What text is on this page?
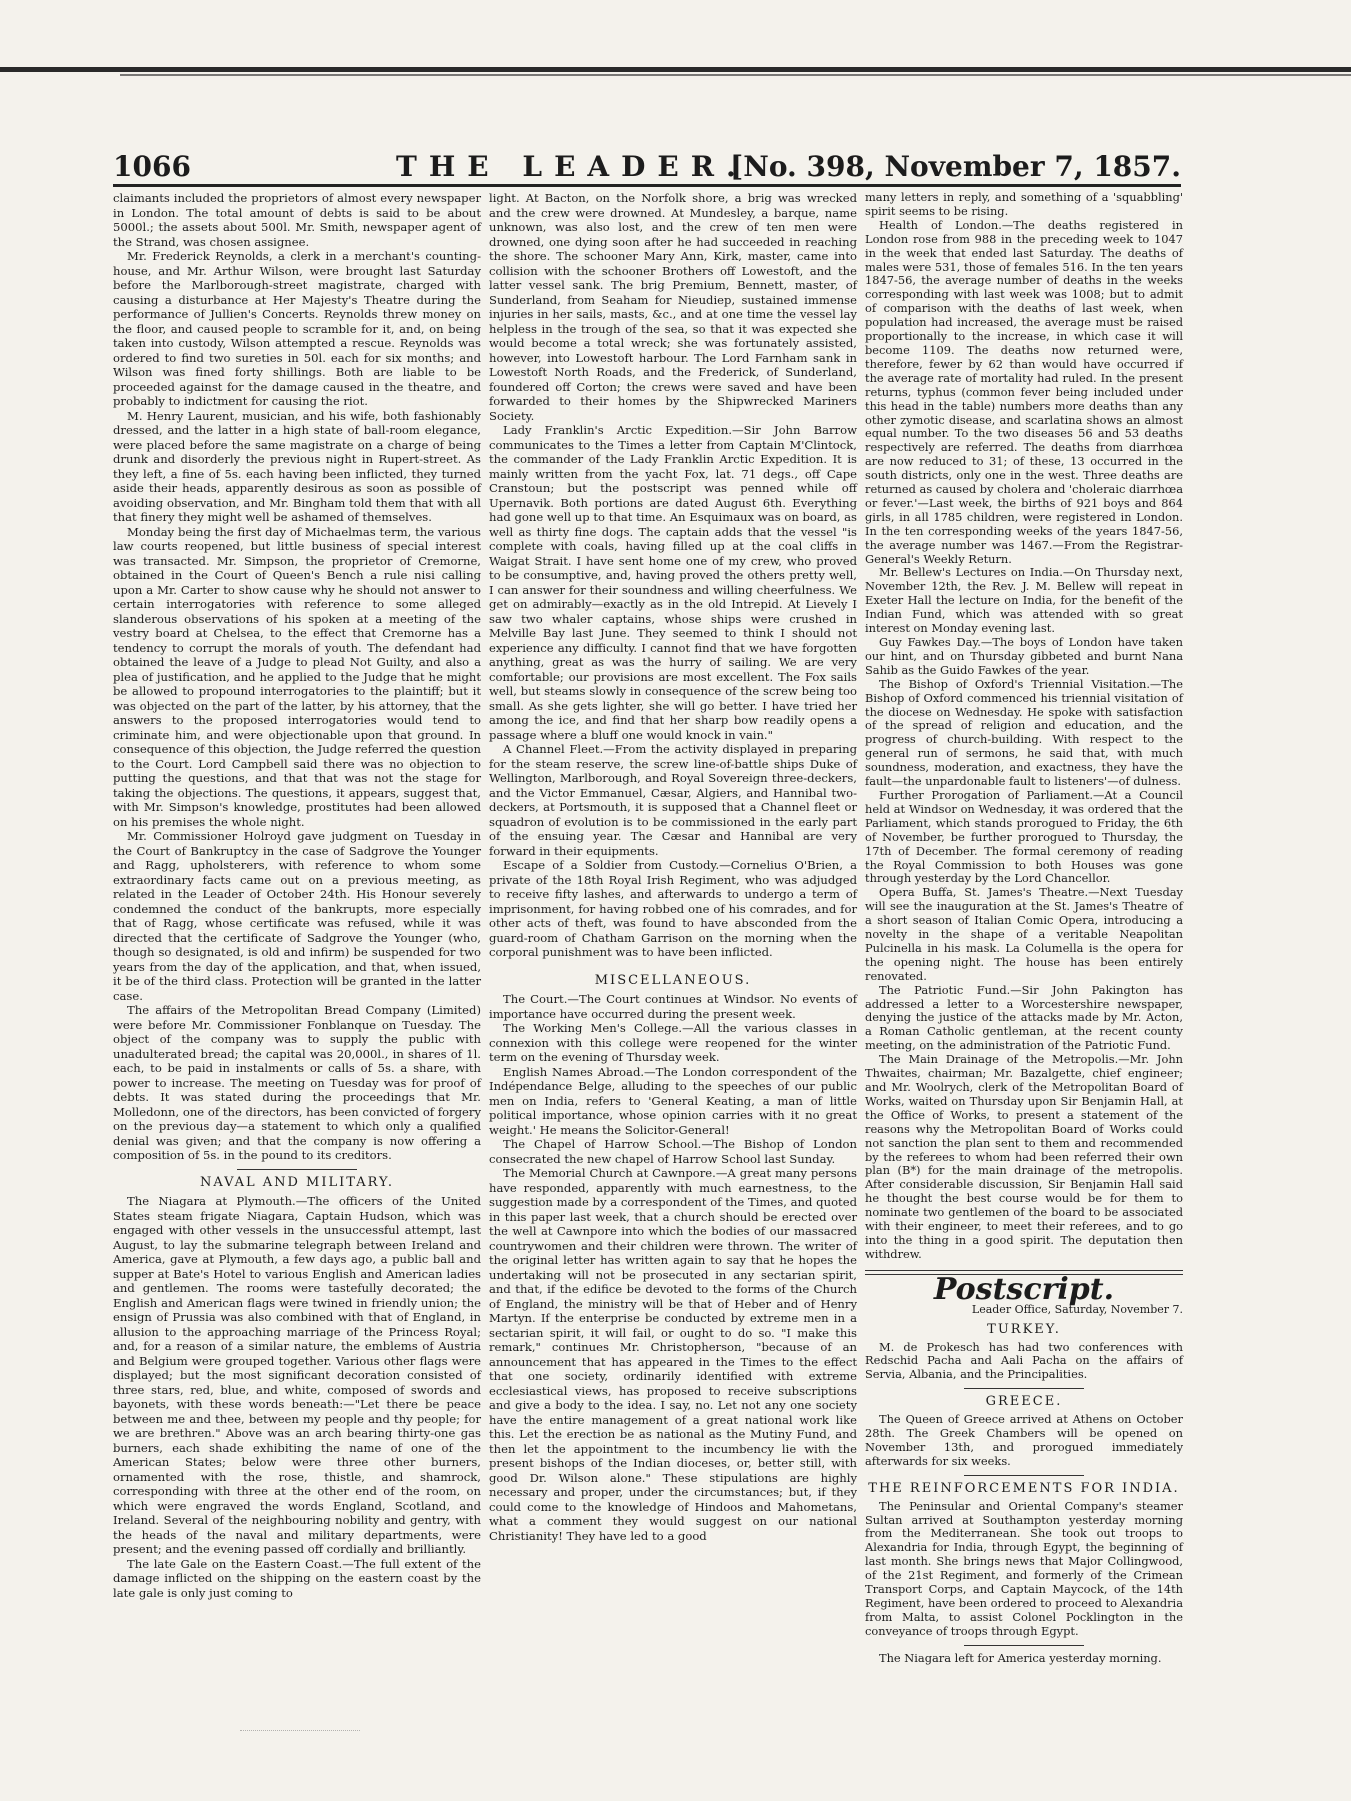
1066	THE LEADER.
[No. 398, November 7, 1857.

claimants included the proprietors of almost every newspaper in London. The total amount of debts is said to be about 5000l.; the assets about 500l. Mr. Smith, newspaper agent of the Strand, was chosen assignee.

Mr. Frederick Reynolds, a clerk in a merchant's counting-house, and Mr. Arthur Wilson, were brought last Saturday before the Marlborough-street magistrate, charged with causing a disturbance at Her Majesty's Theatre during the performance of Jullien's Concerts. Reynolds threw money on the floor, and caused people to scramble for it, and, on being taken into custody, Wilson attempted a rescue. Reynolds was ordered to find two sureties in 50l. each for six months; and Wilson was fined forty shillings. Both are liable to be proceeded against for the damage caused in the theatre, and probably to indictment for causing the riot.

M. Henry Laurent, musician, and his wife, both fashionably dressed, and the latter in a high state of ball-room elegance, were placed before the same magistrate on a charge of being drunk and disorderly the previous night in Rupert-street. As they left, a fine of 5s. each having been inflicted, they turned aside their heads, apparently desirous as soon as possible of avoiding observation, and Mr. Bingham told them that with all that finery they might well be ashamed of themselves.

Monday being the first day of Michaelmas term, the various law courts reopened, but little business of special interest was transacted. Mr. Simpson, the proprietor of Cremorne, obtained in the Court of Queen's Bench a rule nisi calling upon a Mr. Carter to show cause why he should not answer to certain interrogatories with reference to some alleged slanderous observations of his spoken at a meeting of the vestry board at Chelsea, to the effect that Cremorne has a tendency to corrupt the morals of youth. The defendant had obtained the leave of a Judge to plead Not Guilty, and also a plea of justification, and he applied to the Judge that he might be allowed to propound interrogatories to the plaintiff; but it was objected on the part of the latter, by his attorney, that the answers to the proposed interrogatories would tend to criminate him, and were objectionable upon that ground. In consequence of this objection, the Judge referred the question to the Court. Lord Campbell said there was no objection to putting the questions, and that that was not the stage for taking the objections. The questions, it appears, suggest that, with Mr. Simpson's knowledge, prostitutes had been allowed on his premises the whole night.

Mr. Commissioner Holroyd gave judgment on Tuesday in the Court of Bankruptcy in the case of Sadgrove the Younger and Ragg, upholsterers, with reference to whom some extraordinary facts came out on a previous meeting, as related in the Leader of October 24th. His Honour severely condemned the conduct of the bankrupts, more especially that of Ragg, whose certificate was refused, while it was directed that the certificate of Sadgrove the Younger (who, though so designated, is old and infirm) be suspended for two years from the day of the application, and that, when issued, it be of the third class. Protection will be granted in the latter case.

The affairs of the Metropolitan Bread Company (Limited) were before Mr. Commissioner Fonblanque on Tuesday. The object of the company was to supply the public with unadulterated bread; the capital was 20,000l., in shares of 1l. each, to be paid in instalments or calls of 5s. a share, with power to increase. The meeting on Tuesday was for proof of debts. It was stated during the proceedings that Mr. Molledonn, one of the directors, has been convicted of forgery on the previous day—a statement to which only a qualified denial was given; and that the company is now offering a composition of 5s. in the pound to its creditors.

NAVAL AND MILITARY.

The Niagara at Plymouth.—The officers of the United States steam frigate Niagara, Captain Hudson, which was engaged with other vessels in the unsuccessful attempt, last August, to lay the submarine telegraph between Ireland and America, gave at Plymouth, a few days ago, a public ball and supper at Bate's Hotel to various English and American ladies and gentlemen. The rooms were tastefully decorated; the English and American flags were twined in friendly union; the ensign of Prussia was also combined with that of England, in allusion to the approaching marriage of the Princess Royal; and, for a reason of a similar nature, the emblems of Austria and Belgium were grouped together. Various other flags were displayed; but the most significant decoration consisted of three stars, red, blue, and white, composed of swords and bayonets, with these words beneath:—"Let there be peace between me and thee, between my people and thy people; for we are brethren." Above was an arch bearing thirty-one gas burners, each shade exhibiting the name of one of the American States; below were three other burners, ornamented with the rose, thistle, and shamrock, corresponding with three at the other end of the room, on which were engraved the words England, Scotland, and Ireland. Several of the neighbouring nobility and gentry, with the heads of the naval and military departments, were present; and the evening passed off cordially and brilliantly.

The late Gale on the Eastern Coast.—The full extent of the damage inflicted on the shipping on the eastern coast by the late gale is only just coming to

light. At Bacton, on the Norfolk shore, a brig was wrecked and the crew were drowned. At Mundesley, a barque, name unknown, was also lost, and the crew of ten men were drowned, one dying soon after he had succeeded in reaching the shore. The schooner Mary Ann, Kirk, master, came into collision with the schooner Brothers off Lowestoft, and the latter vessel sank. The brig Premium, Bennett, master, of Sunderland, from Seaham for Nieudiep, sustained immense injuries in her sails, masts, &c., and at one time the vessel lay helpless in the trough of the sea, so that it was expected she would become a total wreck; she was fortunately assisted, however, into Lowestoft harbour. The Lord Farnham sank in Lowestoft North Roads, and the Frederick, of Sunderland, foundered off Corton; the crews were saved and have been forwarded to their homes by the Shipwrecked Mariners Society.

Lady Franklin's Arctic Expedition.—Sir John Barrow communicates to the Times a letter from Captain M'Clintock, the commander of the Lady Franklin Arctic Expedition. It is mainly written from the yacht Fox, lat. 71 degs., off Cape Cranstoun; but the postscript was penned while off Upernavik. Both portions are dated August 6th. Everything had gone well up to that time. An Esquimaux was on board, as well as thirty fine dogs. The captain adds that the vessel "is complete with coals, having filled up at the coal cliffs in Waigat Strait. I have sent home one of my crew, who proved to be consumptive, and, having proved the others pretty well, I can answer for their soundness and willing cheerfulness. We get on admirably—exactly as in the old Intrepid. At Lievely I saw two whaler captains, whose ships were crushed in Melville Bay last June. They seemed to think I should not experience any difficulty. I cannot find that we have forgotten anything, great as was the hurry of sailing. We are very comfortable; our provisions are most excellent. The Fox sails well, but steams slowly in consequence of the screw being too small. As she gets lighter, she will go better. I have tried her among the ice, and find that her sharp bow readily opens a passage where a bluff one would knock in vain."

A Channel Fleet.—From the activity displayed in preparing for the steam reserve, the screw line-of-battle ships Duke of Wellington, Marlborough, and Royal Sovereign three-deckers, and the Victor Emmanuel, Cæsar, Algiers, and Hannibal two-deckers, at Portsmouth, it is supposed that a Channel fleet or squadron of evolution is to be commissioned in the early part of the ensuing year. The Cæsar and Hannibal are very forward in their equipments.

Escape of a Soldier from Custody.—Cornelius O'Brien, a private of the 18th Royal Irish Regiment, who was adjudged to receive fifty lashes, and afterwards to undergo a term of imprisonment, for having robbed one of his comrades, and for other acts of theft, was found to have absconded from the guard-room of Chatham Garrison on the morning when the corporal punishment was to have been inflicted.

MISCELLANEOUS.

The Court.—The Court continues at Windsor. No events of importance have occurred during the present week.

The Working Men's College.—All the various classes in connexion with this college were reopened for the winter term on the evening of Thursday week.

English Names Abroad.—The London correspondent of the Indépendance Belge, alluding to the speeches of our public men on India, refers to 'General Keating, a man of little political importance, whose opinion carries with it no great weight.' He means the Solicitor-General!

The Chapel of Harrow School.—The Bishop of London consecrated the new chapel of Harrow School last Sunday.

The Memorial Church at Cawnpore.—A great many persons have responded, apparently with much earnestness, to the suggestion made by a correspondent of the Times, and quoted in this paper last week, that a church should be erected over the well at Cawnpore into which the bodies of our massacred countrywomen and their children were thrown. The writer of the original letter has written again to say that he hopes the undertaking will not be prosecuted in any sectarian spirit, and that, if the edifice be devoted to the forms of the Church of England, the ministry will be that of Heber and of Henry Martyn. If the enterprise be conducted by extreme men in a sectarian spirit, it will fail, or ought to do so. "I make this remark," continues Mr. Christopherson, "because of an announcement that has appeared in the Times to the effect that one society, ordinarily identified with extreme ecclesiastical views, has proposed to receive subscriptions and give a body to the idea. I say, no. Let not any one society have the entire management of a great national work like this. Let the erection be as national as the Mutiny Fund, and then let the appointment to the incumbency lie with the present bishops of the Indian dioceses, or, better still, with good Dr. Wilson alone." These stipulations are highly necessary and proper, under the circumstances; but, if they could come to the knowledge of Hindoos and Mahometans, what a comment they would suggest on our national Christianity! They have led to a good

many letters in reply, and something of a 'squabbling' spirit seems to be rising.

Health of London.—The deaths registered in London rose from 988 in the preceding week to 1047 in the week that ended last Saturday. The deaths of males were 531, those of females 516. In the ten years 1847-56, the average number of deaths in the weeks corresponding with last week was 1008; but to admit of comparison with the deaths of last week, when population had increased, the average must be raised proportionally to the increase, in which case it will become 1109. The deaths now returned were, therefore, fewer by 62 than would have occurred if the average rate of mortality had ruled. In the present returns, typhus (common fever being included under this head in the table) numbers more deaths than any other zymotic disease, and scarlatina shows an almost equal number. To the two diseases 56 and 53 deaths respectively are referred. The deaths from diarrhœa are now reduced to 31; of these, 13 occurred in the south districts, only one in the west. Three deaths are returned as caused by cholera and 'choleraic diarrhœa or fever.'—Last week, the births of 921 boys and 864 girls, in all 1785 children, were registered in London. In the ten corresponding weeks of the years 1847-56, the average number was 1467.—From the Registrar-General's Weekly Return.

Mr. Bellew's Lectures on India.—On Thursday next, November 12th, the Rev. J. M. Bellew will repeat in Exeter Hall the lecture on India, for the benefit of the Indian Fund, which was attended with so great interest on Monday evening last.

Guy Fawkes Day.—The boys of London have taken our hint, and on Thursday gibbeted and burnt Nana Sahib as the Guido Fawkes of the year.

The Bishop of Oxford's Triennial Visitation.—The Bishop of Oxford commenced his triennial visitation of the diocese on Wednesday. He spoke with satisfaction of the spread of religion and education, and the progress of church-building. With respect to the general run of sermons, he said that, with much soundness, moderation, and exactness, they have the fault—the unpardonable fault to listeners'—of dulness.

Further Prorogation of Parliament.—At a Council held at Windsor on Wednesday, it was ordered that the Parliament, which stands prorogued to Friday, the 6th of November, be further prorogued to Thursday, the 17th of December. The formal ceremony of reading the Royal Commission to both Houses was gone through yesterday by the Lord Chancellor.

Opera Buffa, St. James's Theatre.—Next Tuesday will see the inauguration at the St. James's Theatre of a short season of Italian Comic Opera, introducing a novelty in the shape of a veritable Neapolitan Pulcinella in his mask. La Columella is the opera for the opening night. The house has been entirely renovated.

The Patriotic Fund.—Sir John Pakington has addressed a letter to a Worcestershire newspaper, denying the justice of the attacks made by Mr. Acton, a Roman Catholic gentleman, at the recent county meeting, on the administration of the Patriotic Fund.

The Main Drainage of the Metropolis.—Mr. John Thwaites, chairman; Mr. Bazalgette, chief engineer; and Mr. Woolrych, clerk of the Metropolitan Board of Works, waited on Thursday upon Sir Benjamin Hall, at the Office of Works, to present a statement of the reasons why the Metropolitan Board of Works could not sanction the plan sent to them and recommended by the referees to whom had been referred their own plan (B*) for the main drainage of the metropolis. After considerable discussion, Sir Benjamin Hall said he thought the best course would be for them to nominate two gentlemen of the board to be associated with their engineer, to meet their referees, and to go into the thing in a good spirit. The deputation then withdrew.

Postscript.
Leader Office, Saturday, November 7.
TURKEY.

M. de Prokesch has had two conferences with Redschid Pacha and Aali Pacha on the affairs of Servia, Albania, and the Principalities.

GREECE.

The Queen of Greece arrived at Athens on October 28th. The Greek Chambers will be opened on November 13th, and prorogued immediately afterwards for six weeks.

THE REINFORCEMENTS FOR INDIA.

The Peninsular and Oriental Company's steamer Sultan arrived at Southampton yesterday morning from the Mediterranean. She took out troops to Alexandria for India, through Egypt, the beginning of last month. She brings news that Major Collingwood, of the 21st Regiment, and formerly of the Crimean Transport Corps, and Captain Maycock, of the 14th Regiment, have been ordered to proceed to Alexandria from Malta, to assist Colonel Pocklington in the conveyance of troops through Egypt.

The Niagara left for America yesterday morning.
